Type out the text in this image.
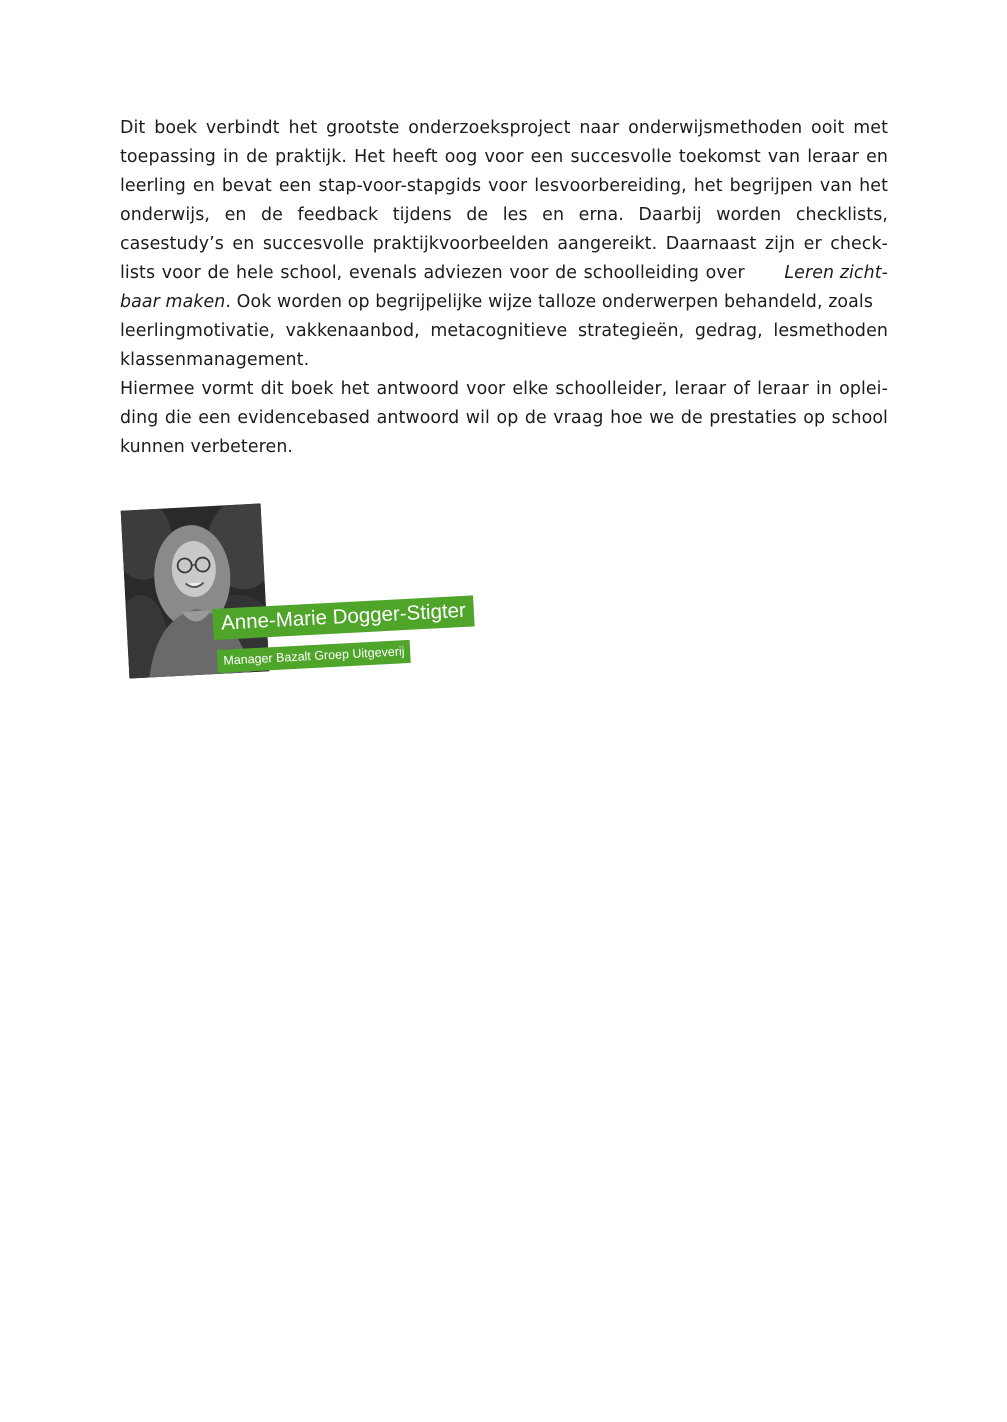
Dit boek verbindt het grootste onderzoeksproject naar onderwijsmethoden ooit met
toepassing in de praktijk. Het heeft oog voor een succesvolle toekomst van leraar en
leerling en bevat een stap-voor-stapgids voor lesvoorbereiding, het begrijpen van het
onderwijs, en de feedback tijdens de les en erna. Daarbij worden checklists,
casestudy’s en succesvolle praktijkvoorbeelden aangereikt. Daarnaast zijn er check-
lists voor de hele school, evenals adviezen voor de schoolleiding over Leren zicht-
baar maken. Ook worden op begrijpelijke wijze talloze onderwerpen behandeld, zoals
leerlingmotivatie, vakkenaanbod, metacognitieve strategieën, gedrag, lesmethoden
klassenmanagement.
Hiermee vormt dit boek het antwoord voor elke schoolleider, leraar of leraar in oplei-
ding die een evidencebased antwoord wil op de vraag hoe we de prestaties op school
kunnen verbeteren.
Anne-Marie Dogger-Stigter
Manager Bazalt Groep Uitgeverij
